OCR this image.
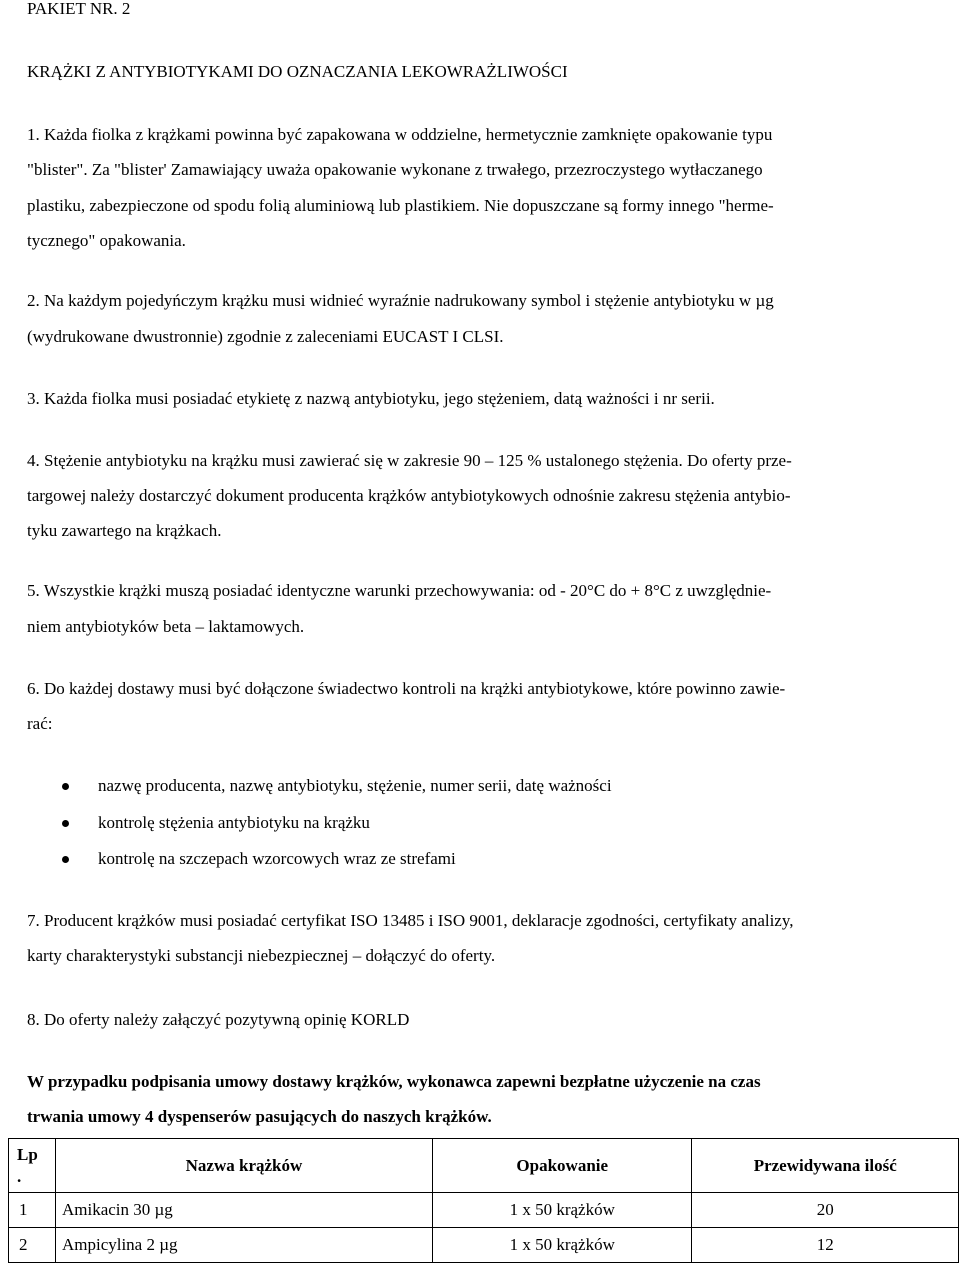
PAKIET NR. 2
KRĄŻKI Z ANTYBIOTYKAMI DO OZNACZANIA LEKOWRAŻLIWOŚCI
1. Każda fiolka z krążkami powinna być zapakowana w oddzielne, hermetycznie zamknięte opakowanie typu
"blister". Za "blister' Zamawiający uważa opakowanie wykonane z trwałego, przezroczystego wytłaczanego
plastiku, zabezpieczone od spodu folią aluminiową lub plastikiem. Nie dopuszczane są formy innego "herme-
tycznego" opakowania.
2. Na każdym pojedyńczym krążku musi widnieć wyraźnie nadrukowany symbol i stężenie antybiotyku w µg
(wydrukowane dwustronnie) zgodnie z zaleceniami EUCAST I CLSI.
3. Każda fiolka musi posiadać etykietę z nazwą antybiotyku, jego stężeniem, datą ważności i nr serii.
4. Stężenie antybiotyku na krążku musi zawierać się w zakresie 90 – 125 % ustalonego stężenia. Do oferty prze-
targowej należy dostarczyć dokument producenta krążków antybiotykowych odnośnie zakresu stężenia antybio-
tyku zawartego na krążkach.
5. Wszystkie krążki muszą posiadać identyczne warunki przechowywania: od - 20°C do + 8°C z uwzględnie-
niem antybiotyków beta – laktamowych.
6. Do każdej dostawy musi być dołączone świadectwo kontroli na krążki antybiotykowe, które powinno zawie-
rać:
nazwę producenta, nazwę antybiotyku, stężenie, numer serii, datę ważności
kontrolę stężenia antybiotyku na krążku
kontrolę na szczepach wzorcowych wraz ze strefami
7. Producent krążków musi posiadać certyfikat ISO 13485 i ISO 9001, deklaracje zgodności, certyfikaty analizy,
karty charakterystyki substancji niebezpiecznej – dołączyć do oferty.
8. Do oferty należy załączyć pozytywną opinię KORLD
W przypadku podpisania umowy dostawy krążków, wykonawca zapewni bezpłatne użyczenie na czas
trwania umowy 4 dyspenserów pasujących do naszych krążków.
Lp
.	Nazwa krążków	Opakowanie	Przewidywana ilość
1	Amikacin 30 µg	1 x 50 krążków	20
2	Ampicylina 2 µg	1 x 50 krążków	12
